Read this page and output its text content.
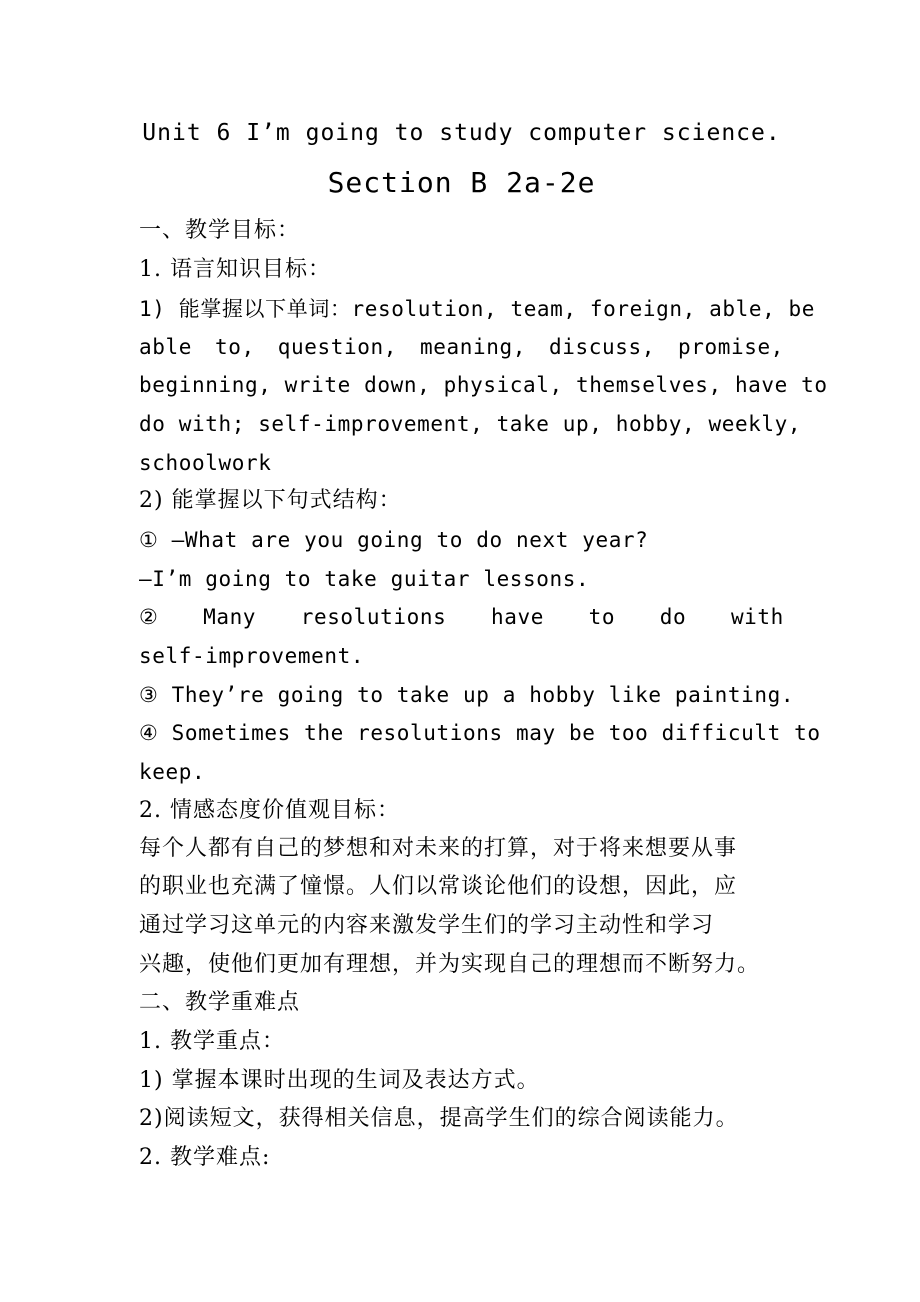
Unit 6 I’m going to study computer science.
Section B 2a-2e
一、教学目标：
1. 语言知识目标：
1) 能掌握以下单词：resolution, team, foreign, able, be
able to, question, meaning, discuss, promise,
beginning, write down, physical, themselves, have to
do with; self-improvement, take up, hobby, weekly,
schoolwork
2) 能掌握以下句式结构：
① —What are you going to do next year?
—I’m going to take guitar lessons.
② Many resolutions have to do with
self-improvement.
③ They’re going to take up a hobby like painting.
④ Sometimes the resolutions may be too difficult to
keep.
2. 情感态度价值观目标：
每个人都有自己的梦想和对未来的打算，对于将来想要从事
的职业也充满了憧憬。人们以常谈论他们的设想，因此，应
通过学习这单元的内容来激发学生们的学习主动性和学习
兴趣，使他们更加有理想，并为实现自己的理想而不断努力。
二、教学重难点
1. 教学重点：
1) 掌握本课时出现的生词及表达方式。
2)阅读短文，获得相关信息，提高学生们的综合阅读能力。
2. 教学难点:
